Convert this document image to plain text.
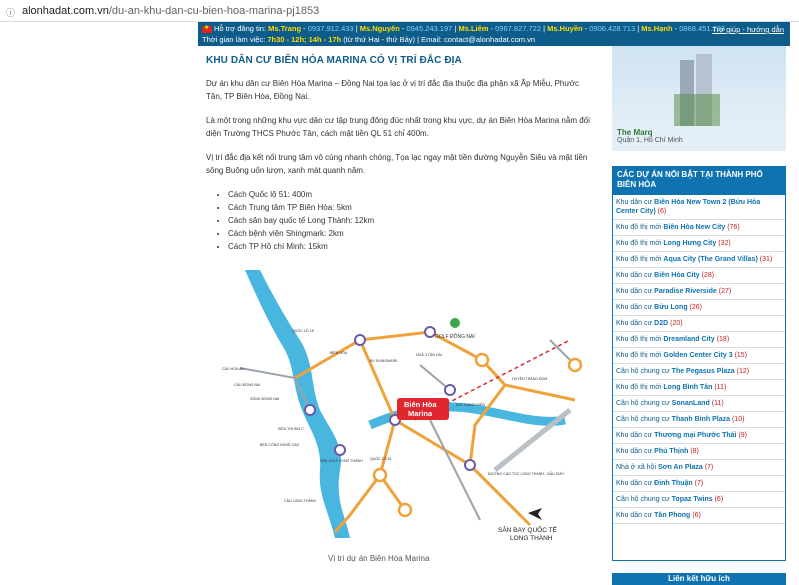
ⓘ alonhadat.com.vn /du-an-khu-dan-cu-bien-hoa-marina-pj1853
★Hỗ trợ đăng tin: Ms.Trang - 0937.912.433 | Ms.Nguyên - 0945.243.197 | Ms.Liêm - 0967.827.722 | Ms.Huyền - 0906.428.713 | Ms.Hạnh - 0868.451.233
Thời gian làm việc: 7h30 - 12h; 14h - 17h (từ thứ Hai - thứ Bảy) | Email: contact@alonhadat.com.vn
Trợ giúp - hướng dẫn
KHU DÂN CƯ BIÊN HÒA MARINA CÓ VỊ TRÍ ĐẮC ĐỊA

Dự án khu dân cư Biên Hòa Marina – Đồng Nai tọa lạc ở vị trí đắc địa thuộc địa phận xã Ấp Miễu, Phước Tân, TP Biên Hòa, Đồng Nai.

Là một trong những khu vực dân cư tập trung đông đúc nhất trong khu vực, dự án Biên Hòa Marina nằm đối diện Trường THCS Phước Tân, cách mặt tiền QL 51 chỉ 400m.

Vị trí đắc địa kết nối trung tâm vô cùng nhanh chóng, Tọa lạc ngay mặt tiền đường Nguyễn Siêu và mặt tiền sông Buông uốn lượn, xanh mát quanh năm.

• Cách Quốc lộ 51: 400m
• Cách Trung tâm TP Biên Hòa: 5km
• Cách sân bay quốc tế Long Thành: 12km
• Cách bệnh viện Shingmark: 2km
• Cách TP Hồ chí Minh: 15km
GOLF ĐỒNG NAI
Biên Hòa
Marina
SÂN BAY QUỐC TẾ
LONG THÀNH
CẦU HÓA AN
QUỐC LỘ 1K
BIÊN HÒA	NGÃ 4 TÂN HẢI
HUYỆN TRẢNG BOM
CẦU ĐỒNG NAI
SÔNG ĐỒNG NAI
SIÊU THỊ BIG C
BẾN CÔNG NGHỆ CAO
CẦU LONG THÀNH
QUỐC LỘ 51
KDL GIANG ĐIỀN
SÂN GOLF LONG THÀNH
ĐƯỜNG CAO TỐC LONG THÀNH - DẦU GIÂY
BV SHINGMARK
The Marq
Quận 1, Hồ Chí Minh
CÁC DỰ ÁN NỔI BẬT TẠI THÀNH PHỐ BIÊN HÒA
Khu dân cư Biên Hòa New Town 2 (Bửu Hòa Center City) (6)
Khu đô thị mới Biên Hòa New City (76)
Khu đô thị mới Long Hưng City (32)
Khu đô thị mới Aqua City (The Grand Villas) (31)
Khu dân cư Biên Hòa City (28)
Khu dân cư Paradise Riverside (27)
Khu dân cư Bửu Long (26)
Khu dân cư D2D (20)
Khu đô thị mới Dreamland City (18)
Khu đô thị mới Golden Center City 3 (15)
Căn hộ chung cư The Pegasus Plaza (12)
Khu đô thị mới Long Bình Tân (11)
Căn hộ chung cư SonanLand (11)
Căn hộ chung cư Thanh Bình Plaza (10)
Khu dân cư Thương mại Phước Thái (9)
Khu dân cư Phú Thịnh (8)
Nhà ở xã hội Sơn An Plaza (7)
Khu dân cư Đinh Thuận (7)
Căn hộ chung cư Topaz Twins (6)
Khu dân cư Tân Phong (6)
Liên kết hữu ích
Vị trí dự án Biên Hòa Marina
